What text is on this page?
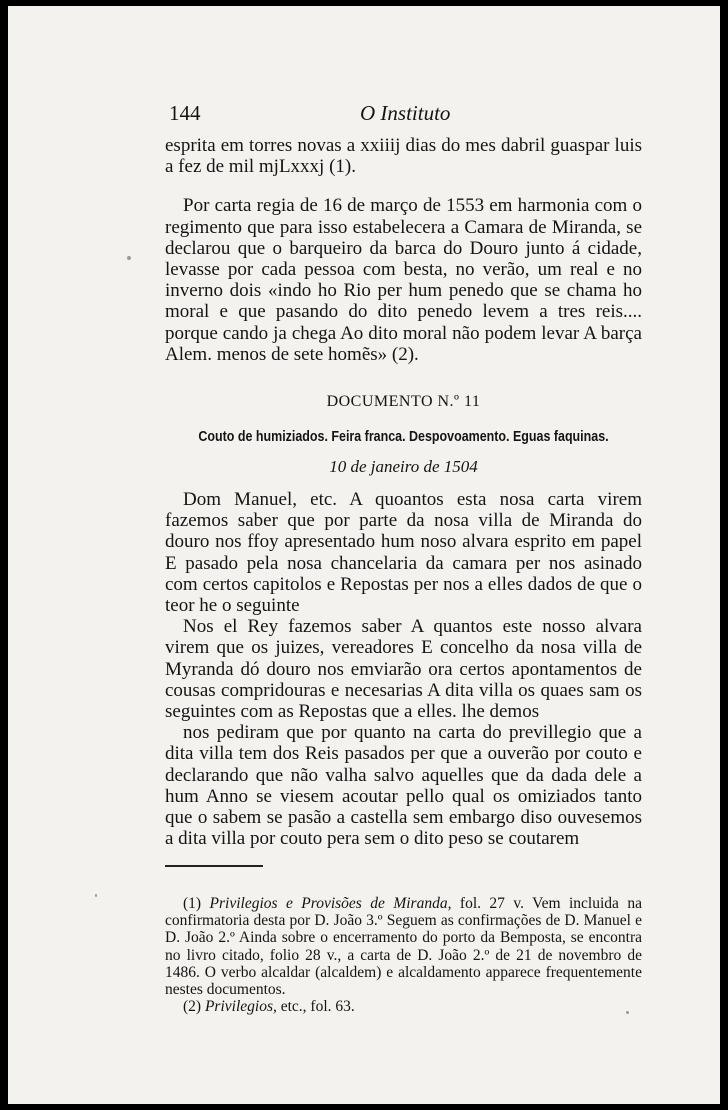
144	O Instituto

esprita em torres novas a xxiiij dias do mes dabril guaspar luis a fez de mil mjLxxxj (1).

Por carta regia de 16 de março de 1553 em harmonia com o regimento que para isso estabelecera a Camara de Miranda, se declarou que o barqueiro da barca do Douro junto á cidade, levasse por cada pessoa com besta, no verão, um real e no inverno dois «indo ho Rio per hum penedo que se chama ho moral e que pasando do dito penedo levem a tres reis.... porque cando ja chega Ao dito moral não podem levar A barça Alem. menos de sete homẽs» (2).

DOCUMENTO N.º 11
Couto de humiziados. Feira franca. Despovoamento. Eguas faquinas.
10 de janeiro de 1504

Dom Manuel, etc. A quoantos esta nosa carta virem fazemos saber que por parte da nosa villa de Miranda do douro nos ffoy apresentado hum noso alvara esprito em papel E pasado pela nosa chancelaria da camara per nos asinado com certos capitolos e Repostas per nos a elles dados de que o teor he o seguinte

Nos el Rey fazemos saber A quantos este nosso alvara virem que os juizes, vereadores E concelho da nosa villa de Myranda dó douro nos emviarão ora certos apontamentos de cousas compridouras e necesarias A dita villa os quaes sam os seguintes com as Repostas que a elles. lhe demos

nos pediram que por quanto na carta do previllegio que a dita villa tem dos Reis pasados per que a ouverão por couto e declarando que não valha salvo aquelles que da dada dele a hum Anno se viesem acoutar pello qual os omiziados tanto que o sabem se pasão a castella sem embargo diso ouvesemos a dita villa por couto pera sem o dito peso se coutarem

(1) Privilegios e Provisões de Miranda, fol. 27 v. Vem incluida na confirmatoria desta por D. João 3.º Seguem as confirmações de D. Manuel e D. João 2.º Ainda sobre o encerramento do porto da Bemposta, se encontra no livro citado, folio 28 v., a carta de D. João 2.º de 21 de novembro de 1486. O verbo alcaldar (alcaldem) e alcaldamento apparece frequentemente nestes documentos.

(2) Privilegios, etc., fol. 63.
